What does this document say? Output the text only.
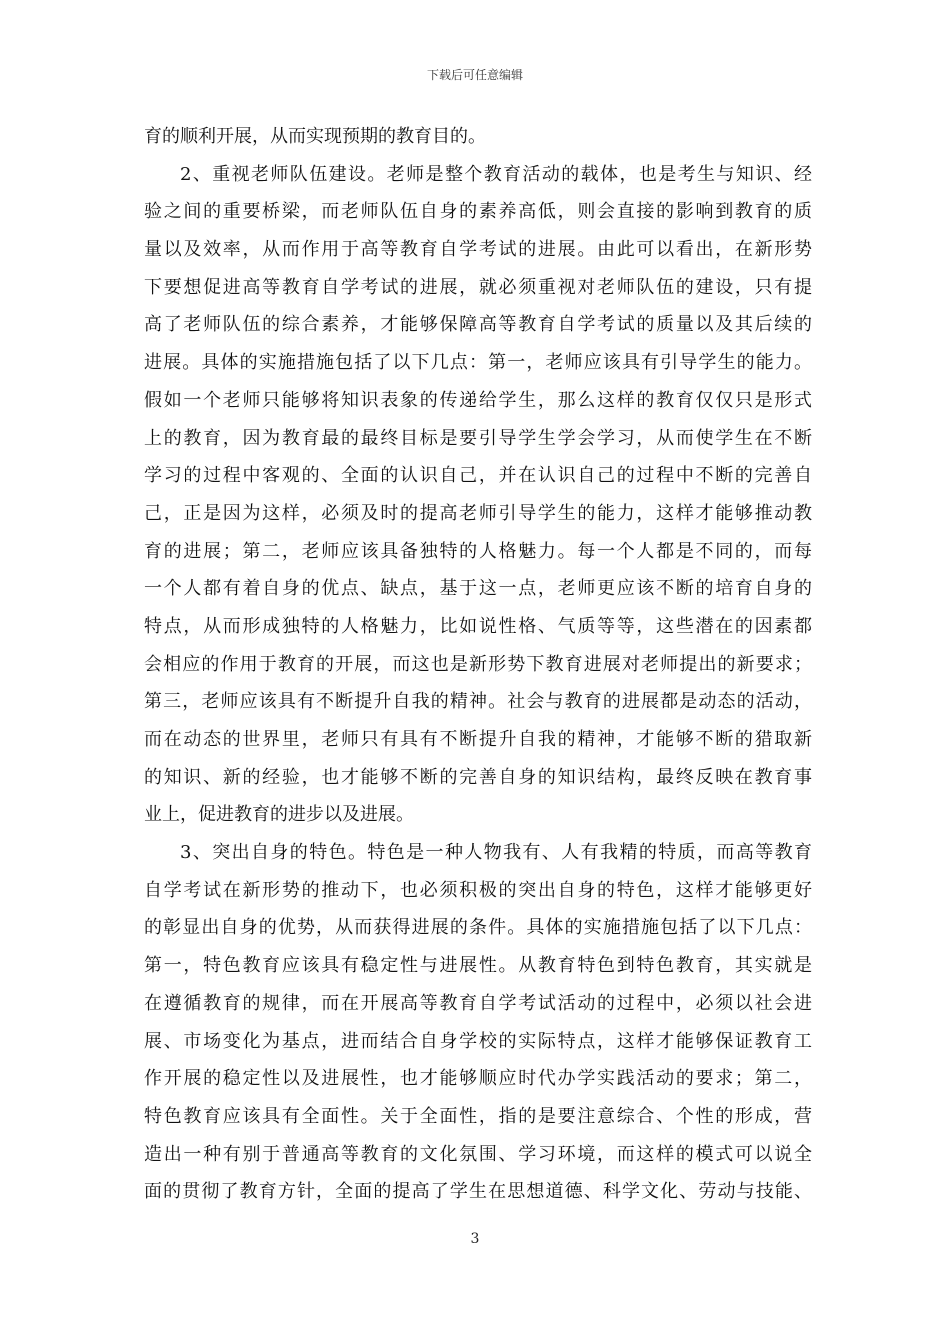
下载后可任意编辑
育的顺利开展，从而实现预期的教育目的。
2、重视老师队伍建设。老师是整个教育活动的载体，也是考生与知识、经
验之间的重要桥梁，而老师队伍自身的素养高低，则会直接的影响到教育的质
量以及效率，从而作用于高等教育自学考试的进展。由此可以看出，在新形势
下要想促进高等教育自学考试的进展，就必须重视对老师队伍的建设，只有提
高了老师队伍的综合素养，才能够保障高等教育自学考试的质量以及其后续的
进展。具体的实施措施包括了以下几点：第一，老师应该具有引导学生的能力。
假如一个老师只能够将知识表象的传递给学生，那么这样的教育仅仅只是形式
上的教育，因为教育最的最终目标是要引导学生学会学习，从而使学生在不断
学习的过程中客观的、全面的认识自己，并在认识自己的过程中不断的完善自
己，正是因为这样，必须及时的提高老师引导学生的能力，这样才能够推动教
育的进展；第二，老师应该具备独特的人格魅力。每一个人都是不同的，而每
一个人都有着自身的优点、缺点，基于这一点，老师更应该不断的培育自身的
特点，从而形成独特的人格魅力，比如说性格、气质等等，这些潜在的因素都
会相应的作用于教育的开展，而这也是新形势下教育进展对老师提出的新要求；
第三，老师应该具有不断提升自我的精神。社会与教育的进展都是动态的活动，
而在动态的世界里，老师只有具有不断提升自我的精神，才能够不断的猎取新
的知识、新的经验，也才能够不断的完善自身的知识结构，最终反映在教育事
业上，促进教育的进步以及进展。
3、突出自身的特色。特色是一种人物我有、人有我精的特质，而高等教育
自学考试在新形势的推动下，也必须积极的突出自身的特色，这样才能够更好
的彰显出自身的优势，从而获得进展的条件。具体的实施措施包括了以下几点：
第一，特色教育应该具有稳定性与进展性。从教育特色到特色教育，其实就是
在遵循教育的规律，而在开展高等教育自学考试活动的过程中，必须以社会进
展、市场变化为基点，进而结合自身学校的实际特点，这样才能够保证教育工
作开展的稳定性以及进展性，也才能够顺应时代办学实践活动的要求；第二，
特色教育应该具有全面性。关于全面性，指的是要注意综合、个性的形成，营
造出一种有别于普通高等教育的文化氛围、学习环境，而这样的模式可以说全
面的贯彻了教育方针，全面的提高了学生在思想道德、科学文化、劳动与技能、
3
